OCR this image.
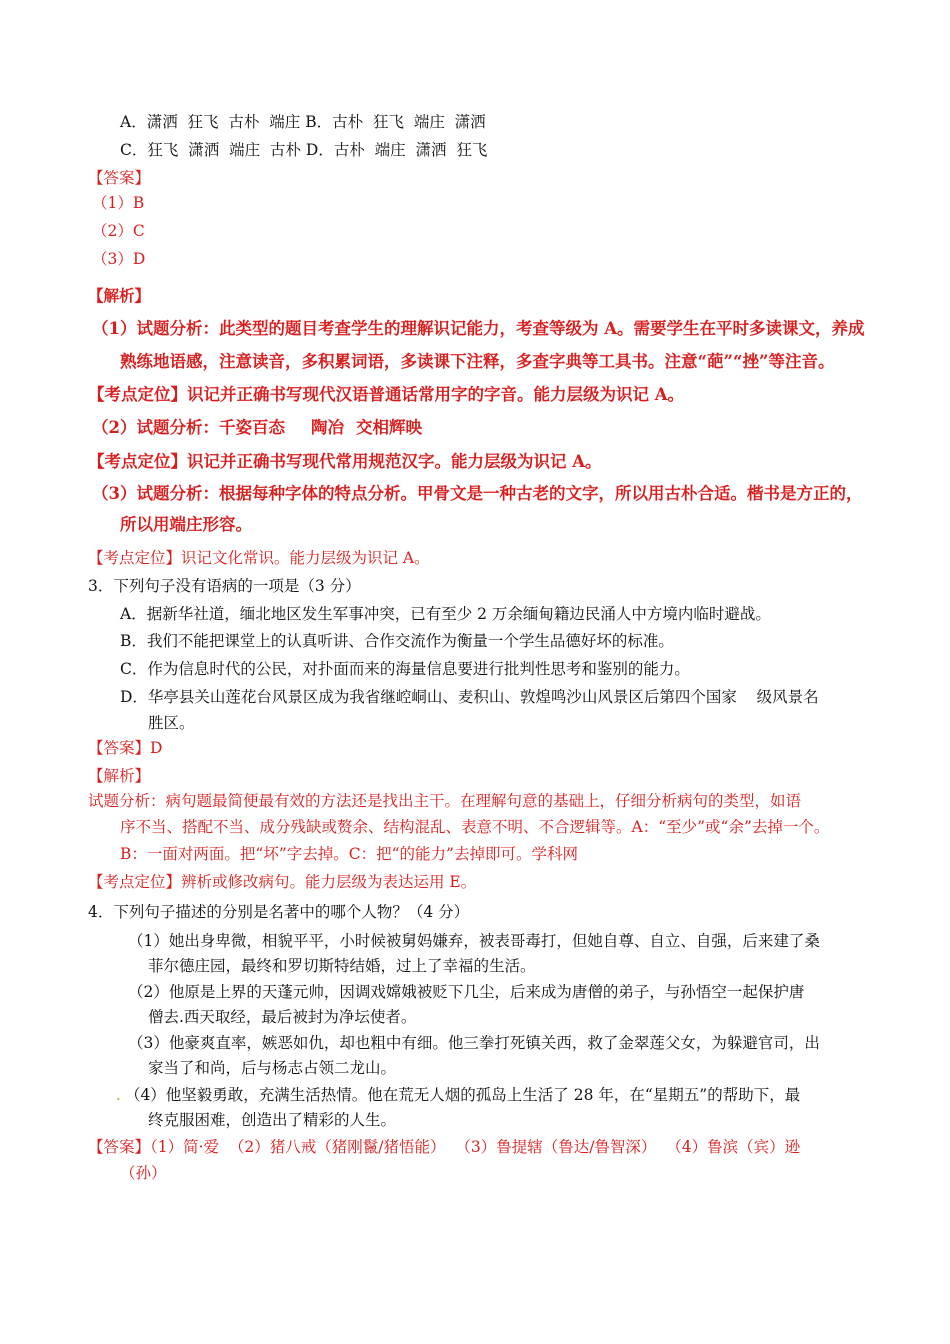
A．潇洒  狂飞  古朴  端庄 B．古朴  狂飞  端庄  潇洒
C．狂飞  潇洒  端庄  古朴 D．古朴  端庄  潇洒  狂飞
【答案】
（1）B
（2）C
（3）D
【解析】
（1）试题分析：此类型的题目考查学生的理解识记能力，考查等级为 A。需要学生在平时多读课文，养成
熟练地语感，注意读音，多积累词语，多读课下注释，多查字典等工具书。注意“葩”“挫”等注音。
【考点定位】识记并正确书写现代汉语普通话常用字的字音。能力层级为识记 A。
（2）试题分析：千姿百态 陶冶 交相辉映
【考点定位】识记并正确书写现代常用规范汉字。能力层级为识记 A。
（3）试题分析：根据每种字体的特点分析。甲骨文是一种古老的文字，所以用古朴合适。楷书是方正的，
所以用端庄形容。
【考点定位】识记文化常识。能力层级为识记 A。
3．下列句子没有语病的一项是（3 分）
A．据新华社道，缅北地区发生军事冲突，已有至少 2 万余缅甸籍边民涌人中方境内临时避战。
B．我们不能把课堂上的认真听讲、合作交流作为衡量一个学生品德好坏的标准。
C．作为信息时代的公民，对扑面而来的海量信息要进行批判性思考和鉴别的能力。
D．华亭县关山莲花台风景区成为我省继崆峒山、麦积山、敦煌鸣沙山风景区后第四个国家    级风景名
胜区。
【答案】D
【解析】
试题分析：病句题最简便最有效的方法还是找出主干。在理解句意的基础上，仔细分析病句的类型，如语
序不当、搭配不当、成分残缺或赘余、结构混乱、表意不明、不合逻辑等。A：“至少”或“余”去掉一个。
B：一面对两面。把“坏”字去掉。C：把“的能力”去掉即可。学科网
【考点定位】辨析或修改病句。能力层级为表达运用 E。
4．下列句子描述的分别是名著中的哪个人物？（4 分）
（1）她出身卑微，相貌平平，小时候被舅妈嫌弃，被表哥毒打，但她自尊、自立、自强，后来建了桑
菲尔德庄园，最终和罗切斯特结婚，过上了幸福的生活。
（2）他原是上界的天蓬元帅，因调戏嫦娥被贬下几尘，后来成为唐僧的弟子，与孙悟空一起保护唐
僧去.西天取经，最后被封为净坛使者。
（3）他豪爽直率，嫉恶如仇，却也粗中有细。他三拳打死镇关西，救了金翠莲父女，为躲避官司，出
家当了和尚，后与杨志占领二龙山。
. （4）他坚毅勇敢，充满生活热情。他在荒无人烟的孤岛上生活了 28 年，在“星期五”的帮助下，最
终克服困难，创造出了精彩的人生。
【答案】（1）简·爱  （2）猪八戒（猪刚鬣/猪悟能）  （3）鲁提辖（鲁达/鲁智深）  （4）鲁滨（宾）逊
（孙）
